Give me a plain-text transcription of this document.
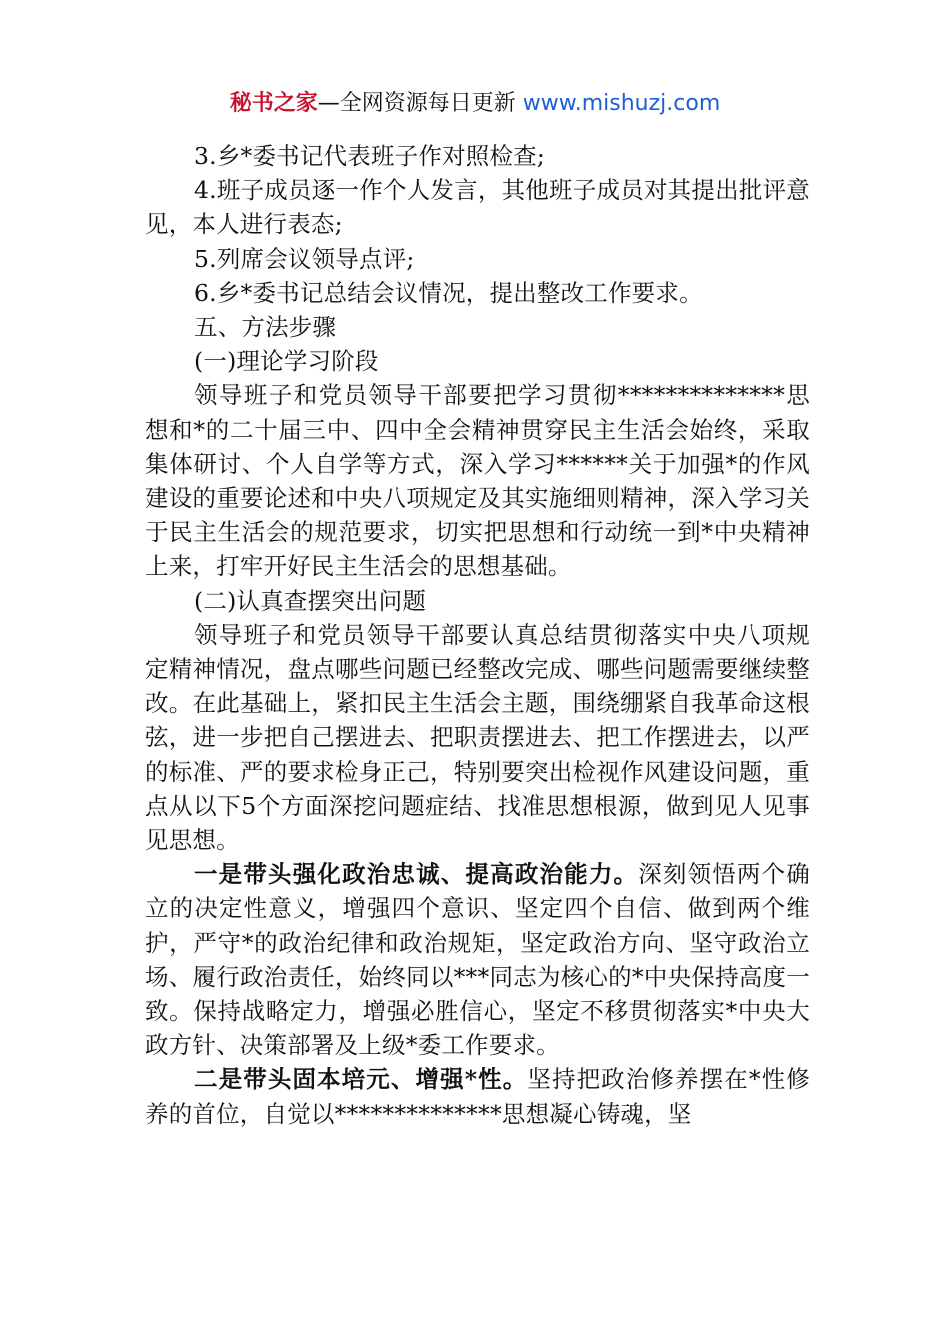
秘书之家—全网资源每日更新 www.mishuzj.com

3.乡*委书记代表班子作对照检查;

4.班子成员逐一作个人发言，其他班子成员对其提出批评意见，本人进行表态;

5.列席会议领导点评;

6.乡*委书记总结会议情况，提出整改工作要求。

五、方法步骤

(一)理论学习阶段

领导班子和党员领导干部要把学习贯彻**************思想和*的二十届三中、四中全会精神贯穿民主生活会始终，采取集体研讨、个人自学等方式，深入学习******关于加强*的作风建设的重要论述和中央八项规定及其实施细则精神，深入学习关于民主生活会的规范要求，切实把思想和行动统一到*中央精神上来，打牢开好民主生活会的思想基础。

(二)认真查摆突出问题

领导班子和党员领导干部要认真总结贯彻落实中央八项规定精神情况，盘点哪些问题已经整改完成、哪些问题需要继续整改。在此基础上，紧扣民主生活会主题，围绕绷紧自我革命这根弦，进一步把自己摆进去、把职责摆进去、把工作摆进去，以严的标准、严的要求检身正己，特别要突出检视作风建设问题，重点从以下5个方面深挖问题症结、找准思想根源，做到见人见事见思想。

一是带头强化政治忠诚、提高政治能力。深刻领悟两个确立的决定性意义，增强四个意识、坚定四个自信、做到两个维护，严守*的政治纪律和政治规矩，坚定政治方向、坚守政治立场、履行政治责任，始终同以***同志为核心的*中央保持高度一致。保持战略定力，增强必胜信心，坚定不移贯彻落实*中央大政方针、决策部署及上级*委工作要求。

二是带头固本培元、增强*性。坚持把政治修养摆在*性修养的首位，自觉以**************思想凝心铸魂，坚
